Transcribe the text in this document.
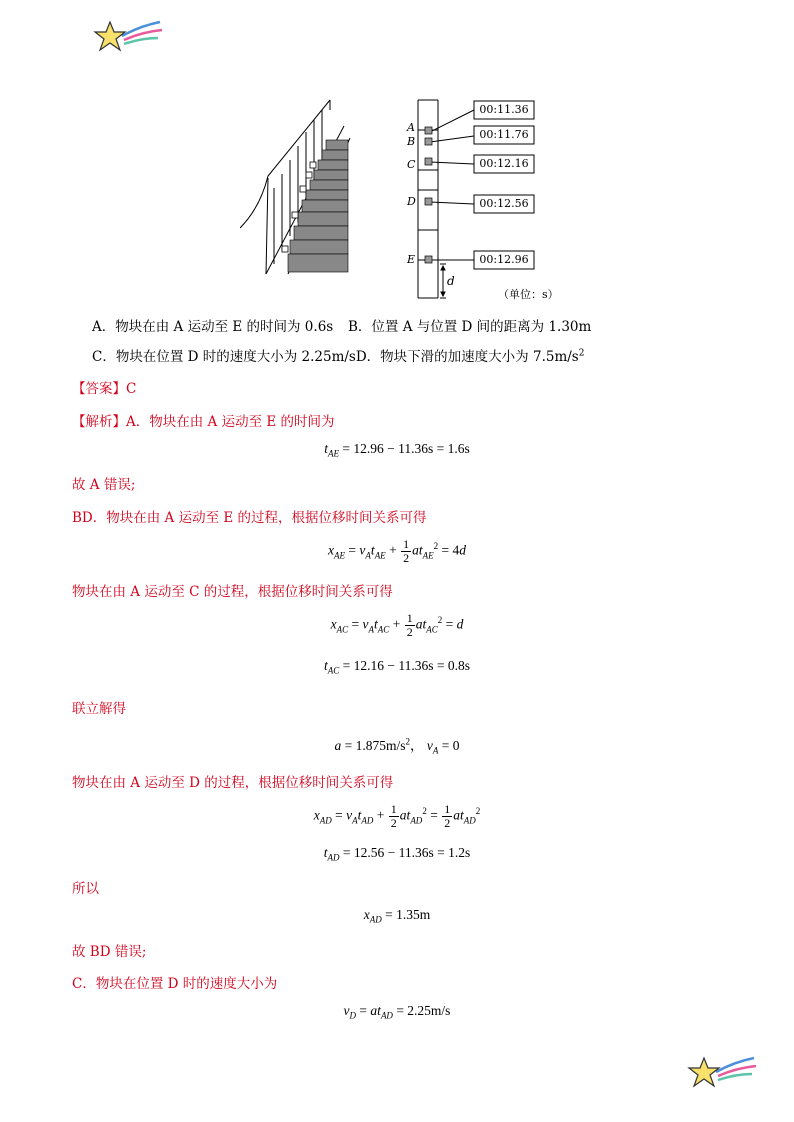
A
B
C
D
E
00:11.36
00:11.76
00:12.16
00:12.56
00:12.96
d
（单位：s）
A．物块在由 A 运动至 E 的时间为 0.6s B．位置 A 与位置 D 间的距离为 1.30m
C．物块在位置 D 时的速度大小为 2.25m/sD．物块下滑的加速度大小为 $7.5m/s^2$
【答案】C
【解析】A．物块在由 A 运动至 E 的时间为
$t_{AE} = 12.96 - 11.36s = 1.6s$
故 A 错误;
BD．物块在由 A 运动至 E 的过程，根据位移时间关系可得
$x_{AE} = v_At_{AE} + \frac{1}{2} at_{AE}^2 = 4d$
物块在由 A 运动至 C 的过程，根据位移时间关系可得
$x_{AC} = v_At_{AC} + \frac{1}{2} at_{AC}^2 = d$
$t_{AC} = 12.16 - 11.36s = 0.8s$
联立解得
$a = 1.875m/s^2$， $v_A = 0$
物块在由 A 运动至 D 的过程，根据位移时间关系可得
$x_{AD} = v_At_{AD} + \frac{1}{2} at_{AD}^2 = \frac{1}{2} at_{AD}^2$
$t_{AD} = 12.56 - 11.36s = 1.2s$
所以
$x_{AD} = 1.35m$
故 BD 错误;
C．物块在位置 D 时的速度大小为
$v_D = at_{AD} = 2.25m/s$
